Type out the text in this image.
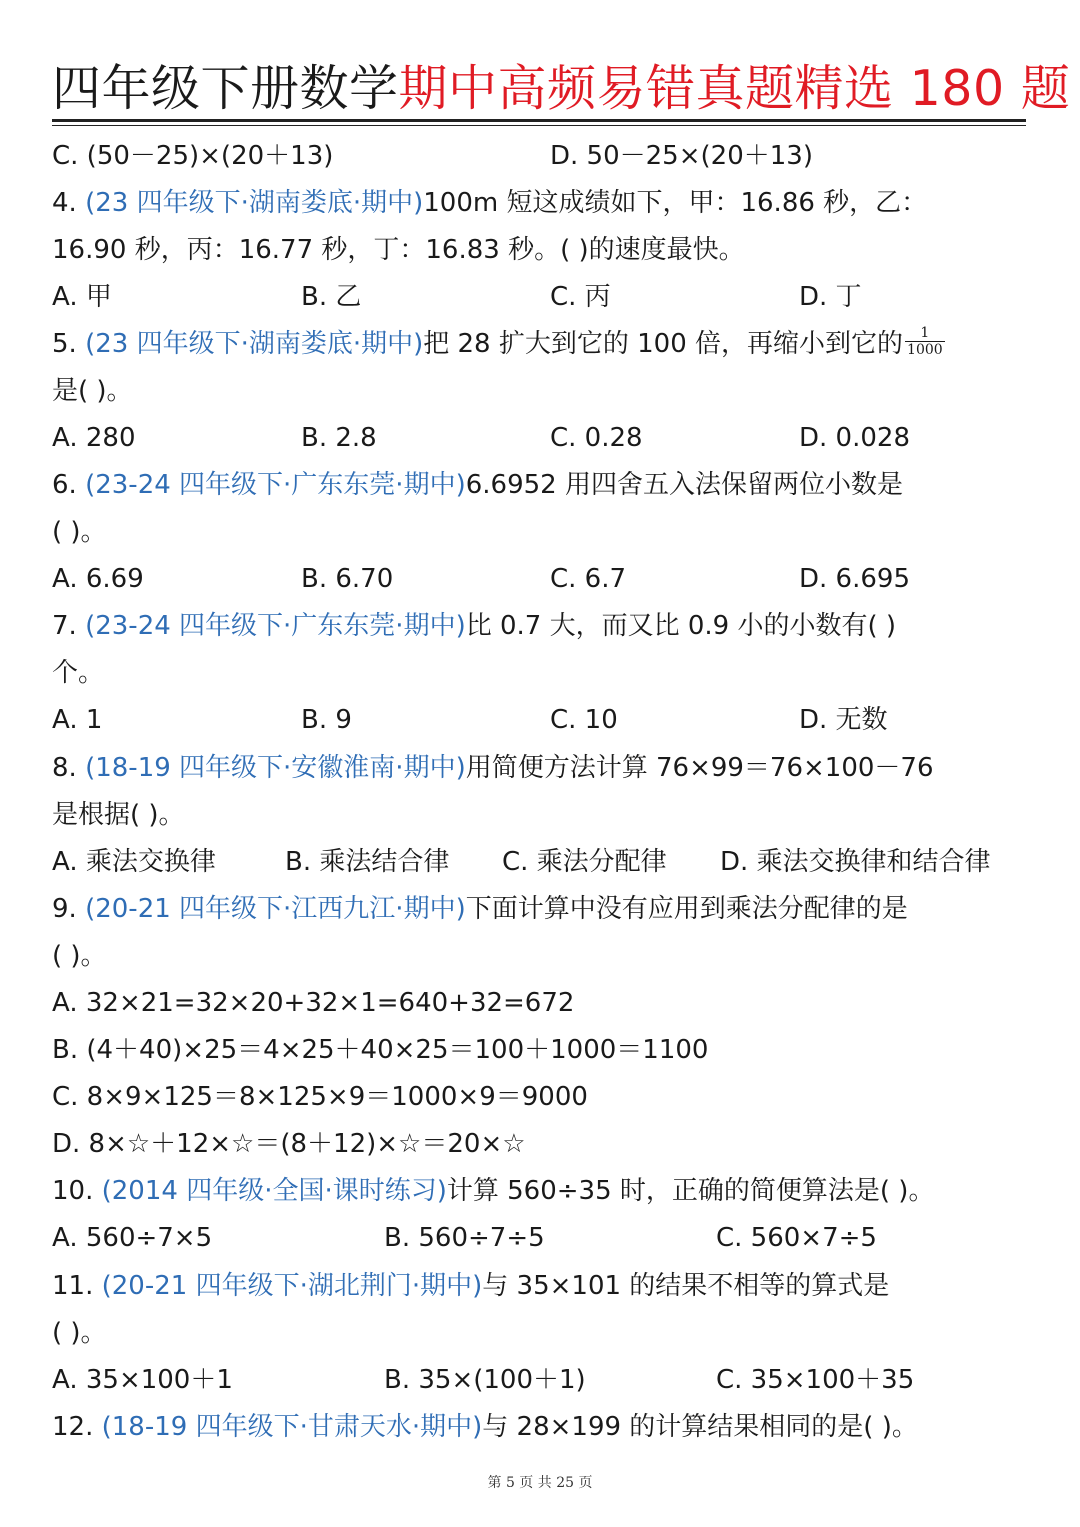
四年级下册数学期中高频易错真题精选 180 题
C. (50－25)×(20＋13)	D. 50－25×(20＋13)
4. (23 四年级下·湖南娄底·期中)100m 短这成绩如下，甲：16.86 秒，乙：
16.90 秒，丙：16.77 秒，丁：16.83 秒。( )的速度最快。
A. 甲	B. 乙	C. 丙	D. 丁
5. (23 四年级下·湖南娄底·期中)把 28 扩大到它的 100 倍，再缩小到它的 $\frac{1}{1000}$
是( )。
A. 280	B. 2.8	C. 0.28	D. 0.028
6. (23-24 四年级下·广东东莞·期中)6.6952 用四舍五入法保留两位小数是
( )。
A. 6.69	B. 6.70	C. 6.7	D. 6.695
7. (23-24 四年级下·广东东莞·期中)比 0.7 大，而又比 0.9 小的小数有( )
个。
A. 1	B. 9	C. 10	D. 无数
8. (18-19 四年级下·安徽淮南·期中)用简便方法计算 76×99＝76×100－76
是根据( )。
A. 乘法交换律	B. 乘法结合律 C. 乘法分配律 D. 乘法交换律和结合律
9. (20-21 四年级下·江西九江·期中)下面计算中没有应用到乘法分配律的是
( )。
A. 32×21=32×20+32×1=640+32=672
B. (4＋40)×25＝4×25＋40×25＝100＋1000＝1100
C. 8×9×125＝8×125×9＝1000×9＝9000
D. 8×☆＋12×☆＝(8＋12)×☆＝20×☆
10. (2014 四年级·全国·课时练习)计算 560÷35 时，正确的简便算法是( )。
A. 560÷7×5	B. 560÷7÷5	C. 560×7÷5
11. (20-21 四年级下·湖北荆门·期中)与 35×101 的结果不相等的算式是
( )。
A. 35×100＋1	B. 35×(100＋1)	C. 35×100＋35
12. (18-19 四年级下·甘肃天水·期中)与 28×199 的计算结果相同的是( )。
第 5 页 共 25 页
